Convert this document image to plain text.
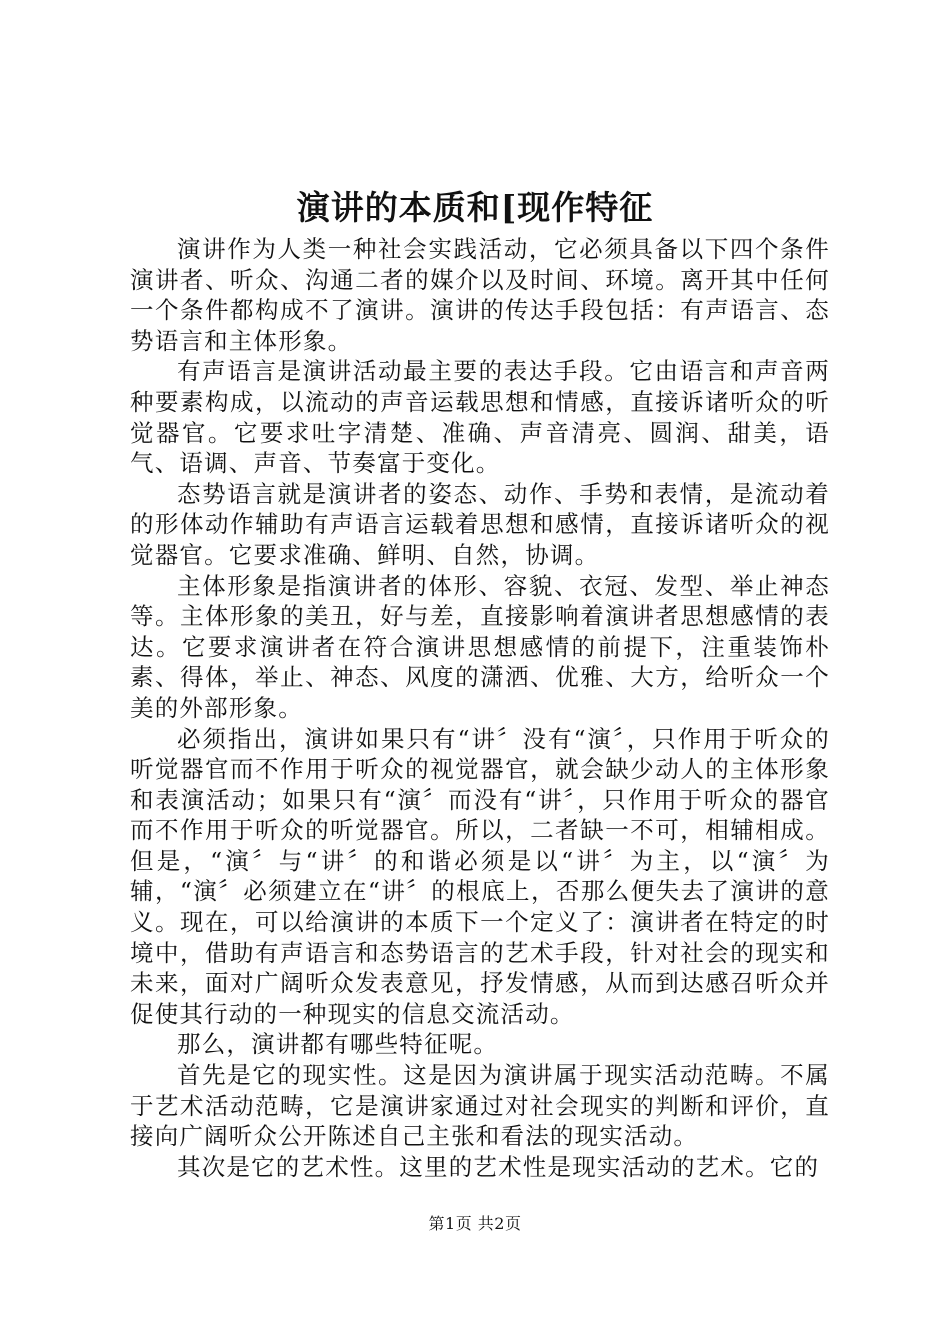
演讲的本质和[现作特征

演讲作为人类一种社会实践活动，它必须具备以下四个条件演讲者、听众、沟通二者的媒介以及时间、环境。离开其中任何一个条件都构成不了演讲。演讲的传达手段包括：有声语言、态势语言和主体形象。

有声语言是演讲活动最主要的表达手段。它由语言和声音两种要素构成，以流动的声音运载思想和情感，直接诉诸听众的听觉器官。它要求吐字清楚、准确、声音清亮、圆润、甜美，语气、语调、声音、节奏富于变化。

态势语言就是演讲者的姿态、动作、手势和表情，是流动着的形体动作辅助有声语言运载着思想和感情，直接诉诸听众的视觉器官。它要求准确、鲜明、自然，协调。

主体形象是指演讲者的体形、容貌、衣冠、发型、举止神态等。主体形象的美丑，好与差，直接影响着演讲者思想感情的表达。它要求演讲者在符合演讲思想感情的前提下，注重装饰朴素、得体，举止、神态、风度的潇洒、优雅、大方，给听众一个美的外部形象。

必须指出，演讲如果只有“讲〞没有“演〞，只作用于听众的听觉器官而不作用于听众的视觉器官，就会缺少动人的主体形象和表演活动；如果只有“演〞而没有“讲〞，只作用于听众的器官而不作用于听众的听觉器官。所以，二者缺一不可，相辅相成。但是，“演〞与“讲〞的和谐必须是以“讲〞为主，以“演〞为辅，“演〞必须建立在“讲〞的根底上，否那么便失去了演讲的意义。现在，可以给演讲的本质下一个定义了：演讲者在特定的时境中，借助有声语言和态势语言的艺术手段，针对社会的现实和未来，面对广阔听众发表意见，抒发情感，从而到达感召听众并促使其行动的一种现实的信息交流活动。

那么，演讲都有哪些特征呢。

首先是它的现实性。这是因为演讲属于现实活动范畴。不属于艺术活动范畴，它是演讲家通过对社会现实的判断和评价，直接向广阔听众公开陈述自己主张和看法的现实活动。

其次是它的艺术性。这里的艺术性是现实活动的艺术。它的

第1页 共2页
